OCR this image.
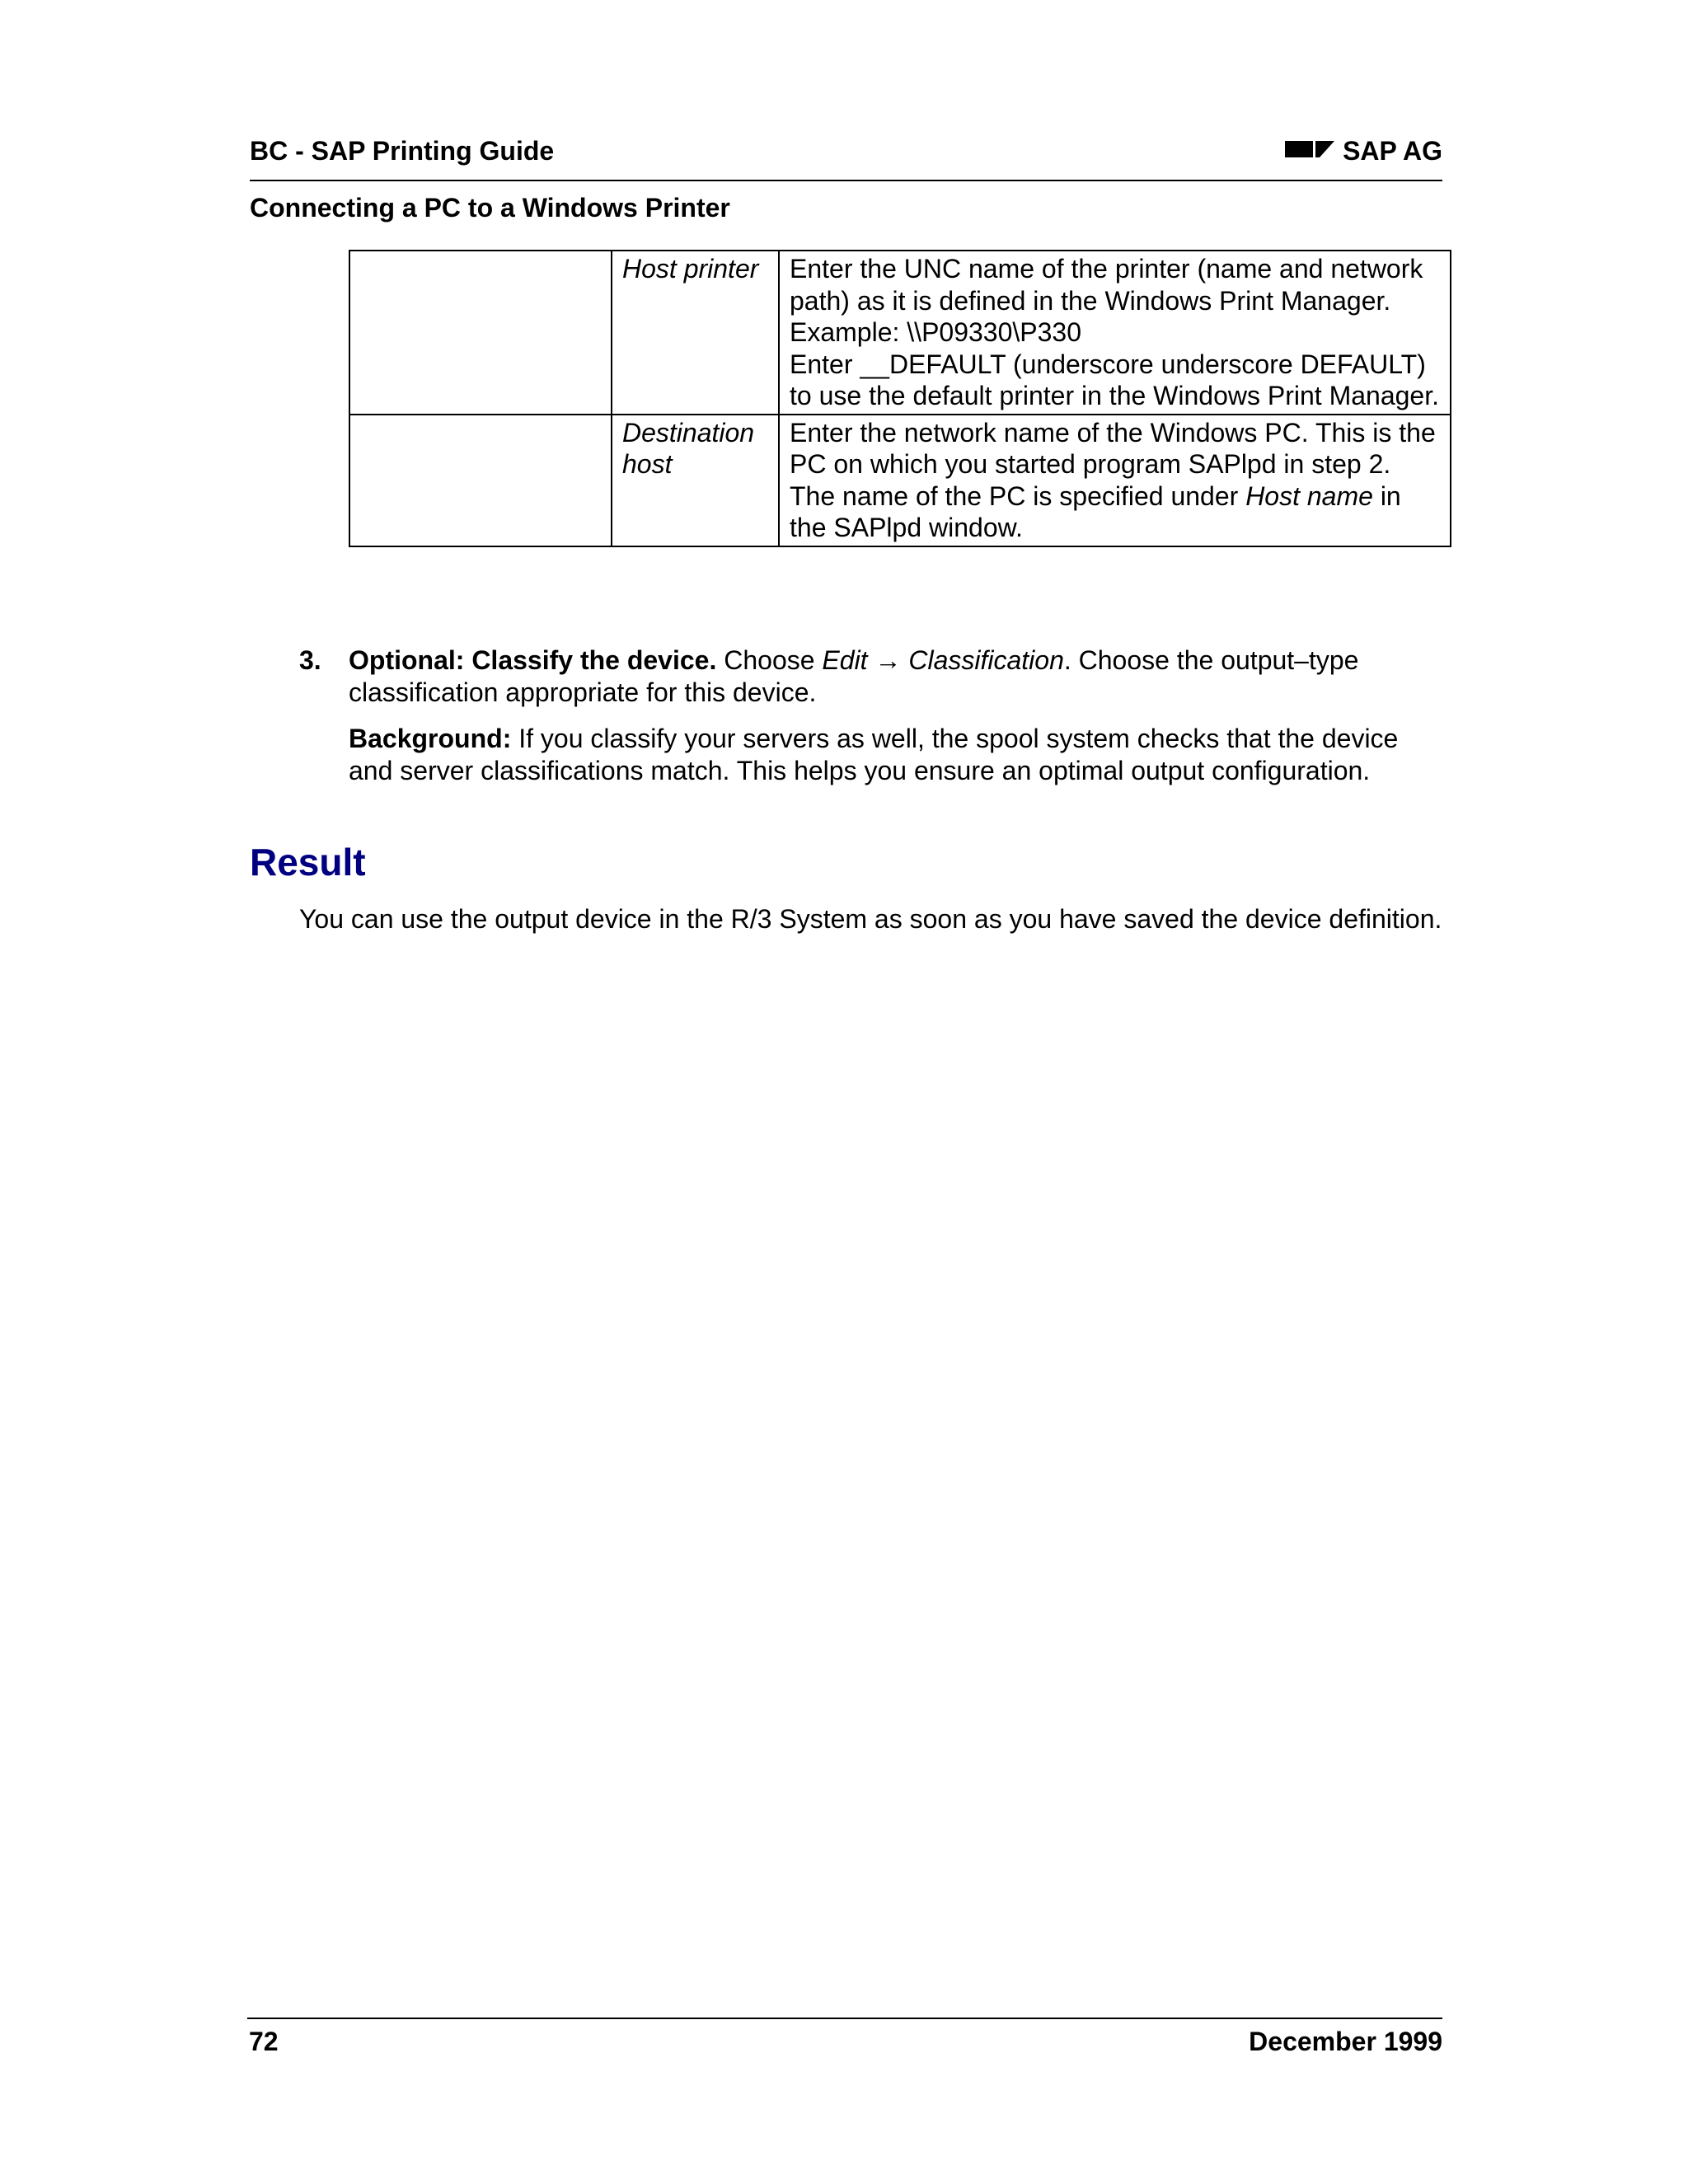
BC - SAP Printing Guide	SAP AG
Connecting a PC to a Windows Printer
	Host printer	Enter the UNC name of the printer (name and network path) as it is defined in the Windows Print Manager.
Example: \\P09330\P330
Enter __DEFAULT (underscore underscore DEFAULT) to use the default printer in the Windows Print Manager.

	Destination host	Enter the network name of the Windows PC. This is the PC on which you started program SAPlpd in step 2.
The name of the PC is specified under Host name in the SAPlpd window.
3. Optional: Classify the device. Choose Edit → Classification. Choose the output–type classification appropriate for this device.

Background: If you classify your servers as well, the spool system checks that the device and server classifications match. This helps you ensure an optimal output configuration.

Result
You can use the output device in the R/3 System as soon as you have saved the device definition.
72	December 1999
